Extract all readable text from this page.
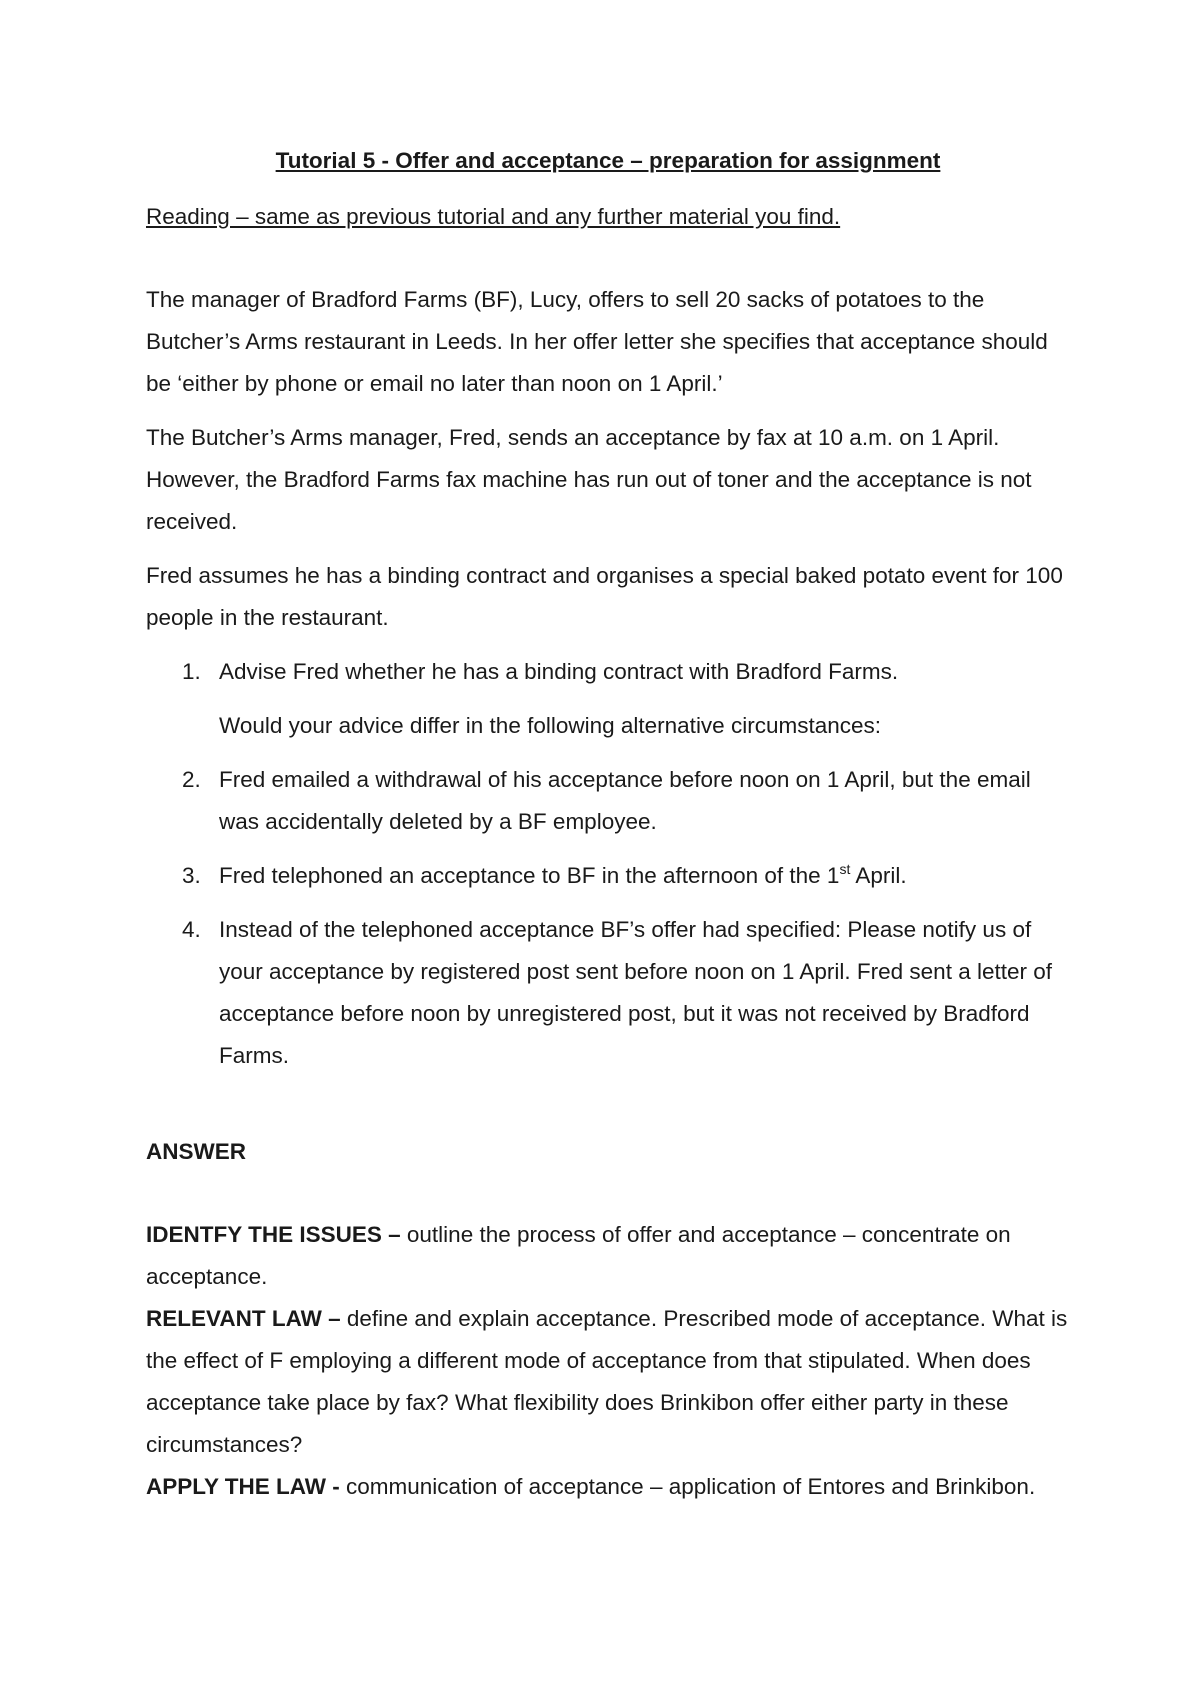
Tutorial 5 - Offer and acceptance – preparation for assignment

Reading – same as previous tutorial and any further material you find.

The manager of Bradford Farms (BF), Lucy, offers to sell 20 sacks of potatoes to the Butcher’s Arms restaurant in Leeds. In her offer letter she specifies that acceptance should be ‘either by phone or email no later than noon on 1 April.’

The Butcher’s Arms manager, Fred, sends an acceptance by fax at 10 a.m. on 1 April. However, the Bradford Farms fax machine has run out of toner and the acceptance is not received.

Fred assumes he has a binding contract and organises a special baked potato event for 100 people in the restaurant.

1. Advise Fred whether he has a binding contract with Bradford Farms.

Would your advice differ in the following alternative circumstances:

2. Fred emailed a withdrawal of his acceptance before noon on 1 April, but the email was accidentally deleted by a BF employee.
3. Fred telephoned an acceptance to BF in the afternoon of the 1st April.
4. Instead of the telephoned acceptance BF’s offer had specified: Please notify us of your acceptance by registered post sent before noon on 1 April. Fred sent a letter of acceptance before noon by unregistered post, but it was not received by Bradford Farms.

ANSWER

IDENTFY THE ISSUES – outline the process of offer and acceptance – concentrate on acceptance.

RELEVANT LAW – define and explain acceptance. Prescribed mode of acceptance. What is the effect of F employing a different mode of acceptance from that stipulated. When does acceptance take place by fax? What flexibility does Brinkibon offer either party in these circumstances?

APPLY THE LAW - communication of acceptance – application of Entores and Brinkibon.
